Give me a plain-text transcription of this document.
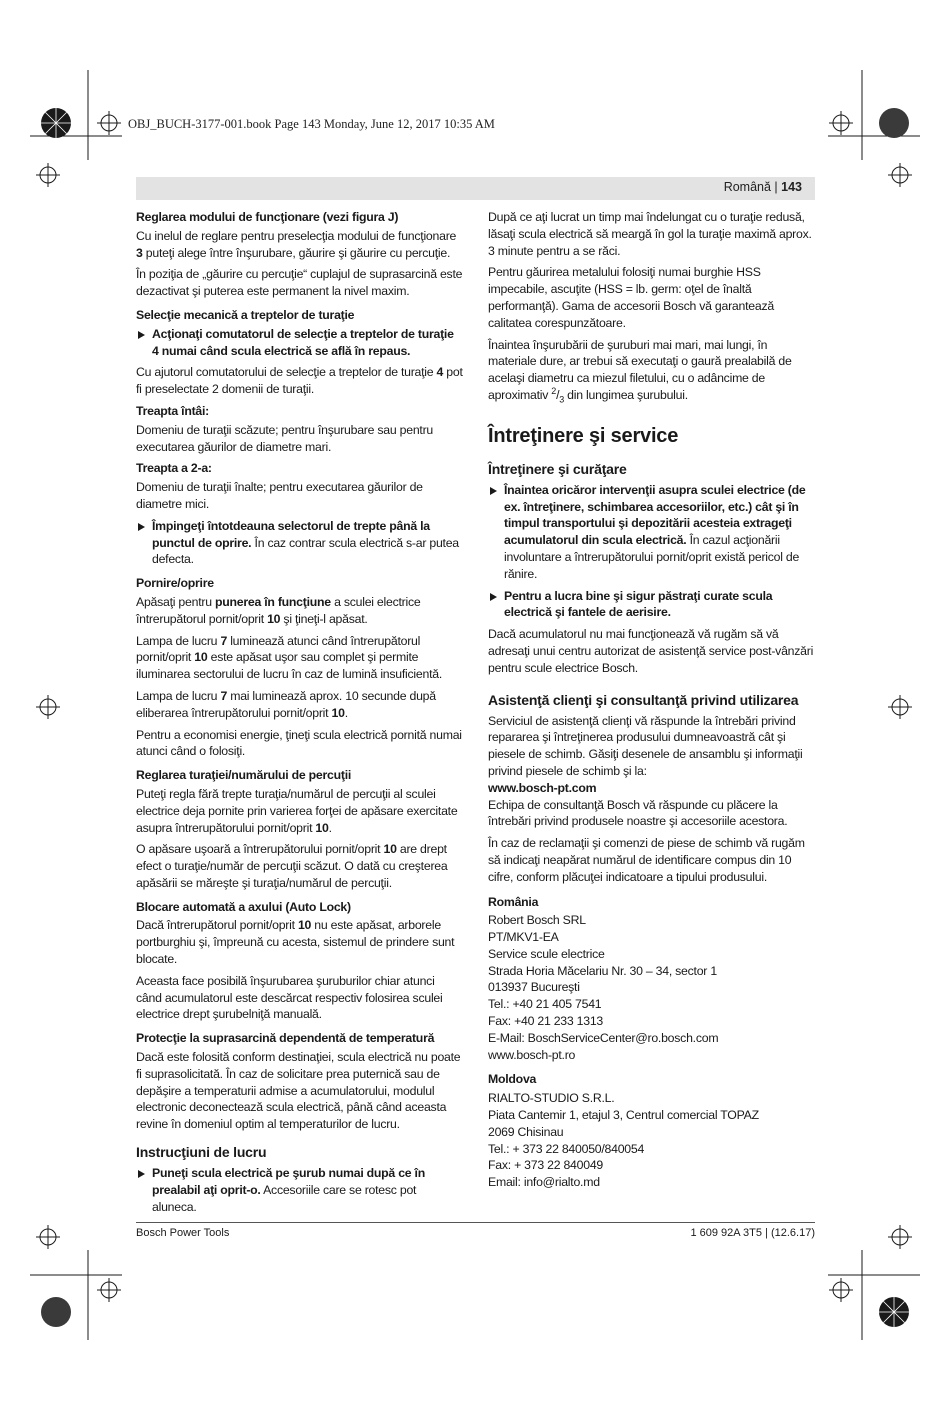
OBJ_BUCH-3177-001.book Page 143 Monday, June 12, 2017 10:35 AM
Română | 143
Reglarea modului de funcţionare (vezi figura J)

Cu inelul de reglare pentru preselecţia modului de funcţionare 3 puteţi alege între înşurubare, găurire şi găurire cu percuţie.

În poziţia de „găurire cu percuţie“ cuplajul de suprasarcină este dezactivat şi puterea este permanent la nivel maxim.

Selecţie mecanică a treptelor de turaţie

Acţionaţi comutatorul de selecţie a treptelor de turaţie 4 numai când scula electrică se află în repaus.

Cu ajutorul comutatorului de selecţie a treptelor de turaţie 4 pot fi preselectate 2 domenii de turaţii.

Treapta întâi:

Domeniu de turaţii scăzute; pentru înşurubare sau pentru executarea găurilor de diametre mari.

Treapta a 2-a:

Domeniu de turaţii înalte; pentru executarea găurilor de diametre mici.

Împingeţi întotdeauna selectorul de trepte până la punctul de oprire. În caz contrar scula electrică s-ar putea defecta.

Pornire/oprire

Apăsaţi pentru punerea în funcţiune a sculei electrice întrerupătorul pornit/oprit 10 şi ţineţi-l apăsat.

Lampa de lucru 7 luminează atunci când întrerupătorul pornit/oprit 10 este apăsat uşor sau complet şi permite iluminarea sectorului de lucru în caz de lumină insuficientă.

Lampa de lucru 7 mai luminează aprox. 10 secunde după eliberarea întrerupătorului pornit/oprit 10.

Pentru a economisi energie, ţineţi scula electrică pornită numai atunci când o folosiţi.

Reglarea turaţiei/numărului de percuţii

Puteţi regla fără trepte turaţia/numărul de percuţii al sculei electrice deja pornite prin varierea forţei de apăsare exercitate asupra întrerupătorului pornit/oprit 10.

O apăsare uşoară a întrerupătorului pornit/oprit 10 are drept efect o turaţie/număr de percuţii scăzut. O dată cu creşterea apăsării se măreşte şi turaţia/numărul de percuţii.

Blocare automată a axului (Auto Lock)

Dacă întrerupătorul pornit/oprit 10 nu este apăsat, arborele portburghiu şi, împreună cu acesta, sistemul de prindere sunt blocate.

Aceasta face posibilă înşurubarea şuruburilor chiar atunci când acumulatorul este descărcat respectiv folosirea sculei electrice drept şurubelniţă manuală.

Protecţie la suprasarcină dependentă de temperatură

Dacă este folosită conform destinaţiei, scula electrică nu poate fi suprasolicitată. În caz de solicitare prea puternică sau de depăşire a temperaturii admise a acumulatorului, modulul electronic deconectează scula electrică, până când aceasta revine în domeniul optim al temperaturilor de lucru.

Instrucţiuni de lucru

Puneţi scula electrică pe şurub numai după ce în prealabil aţi oprit-o. Accesoriile care se rotesc pot aluneca.

După ce aţi lucrat un timp mai îndelungat cu o turaţie redusă, lăsaţi scula electrică să meargă în gol la turaţie maximă aprox. 3 minute pentru a se răci.

Pentru găurirea metalului folosiţi numai burghie HSS impecabile, ascuţite (HSS = lb. germ: oţel de înaltă performanţă). Gama de accesorii Bosch vă garantează calitatea corespunzătoare.

Înaintea înşurubării de şuruburi mai mari, mai lungi, în materiale dure, ar trebui să executaţi o gaură prealabilă de acelaşi diametru ca miezul filetului, cu o adâncime de aproximativ $^2/_3$ din lungimea şurubului.

Întreţinere şi service
Întreţinere şi curăţare

Înaintea oricăror intervenţii asupra sculei electrice (de ex. întreţinere, schimbarea accesoriilor, etc.) cât şi în timpul transportului şi depozitării acesteia extrageţi acumulatorul din scula electrică. În cazul acţionării involuntare a întrerupătorului pornit/oprit există pericol de rănire.

Pentru a lucra bine şi sigur păstraţi curate scula electrică şi fantele de aerisire.

Dacă acumulatorul nu mai funcţionează vă rugăm să vă adresaţi unui centru autorizat de asistenţă service post-vânzări pentru scule electrice Bosch.

Asistenţă clienţi şi consultanţă privind utilizarea

Serviciul de asistenţă clienţi vă răspunde la întrebări privind repararea şi întreţinerea produsului dumneavoastră cât şi piesele de schimb. Găsiţi desenele de ansamblu şi informaţii privind piesele de schimb şi la:

www.bosch-pt.com

Echipa de consultanţă Bosch vă răspunde cu plăcere la întrebări privind produsele noastre şi accesoriile acestora.

În caz de reclamaţii şi comenzi de piese de schimb vă rugăm să indicaţi neapărat numărul de identificare compus din 10 cifre, conform plăcuţei indicatoare a tipului produsului.

România
Robert Bosch SRL
PT/MKV1-EA
Service scule electrice
Strada Horia Măcelariu Nr. 30 – 34, sector 1
013937 Bucureşti
Tel.: +40 21 405 7541
Fax: +40 21 233 1313
E-Mail: BoschServiceCenter@ro.bosch.com
www.bosch-pt.ro
Moldova
RIALTO-STUDIO S.R.L.
Piata Cantemir 1, etajul 3, Centrul comercial TOPAZ
2069 Chisinau
Tel.: + 373 22 840050/840054
Fax: + 373 22 840049
Email: info@rialto.md
Bosch Power Tools	1 609 92A 3T5 | (12.6.17)
